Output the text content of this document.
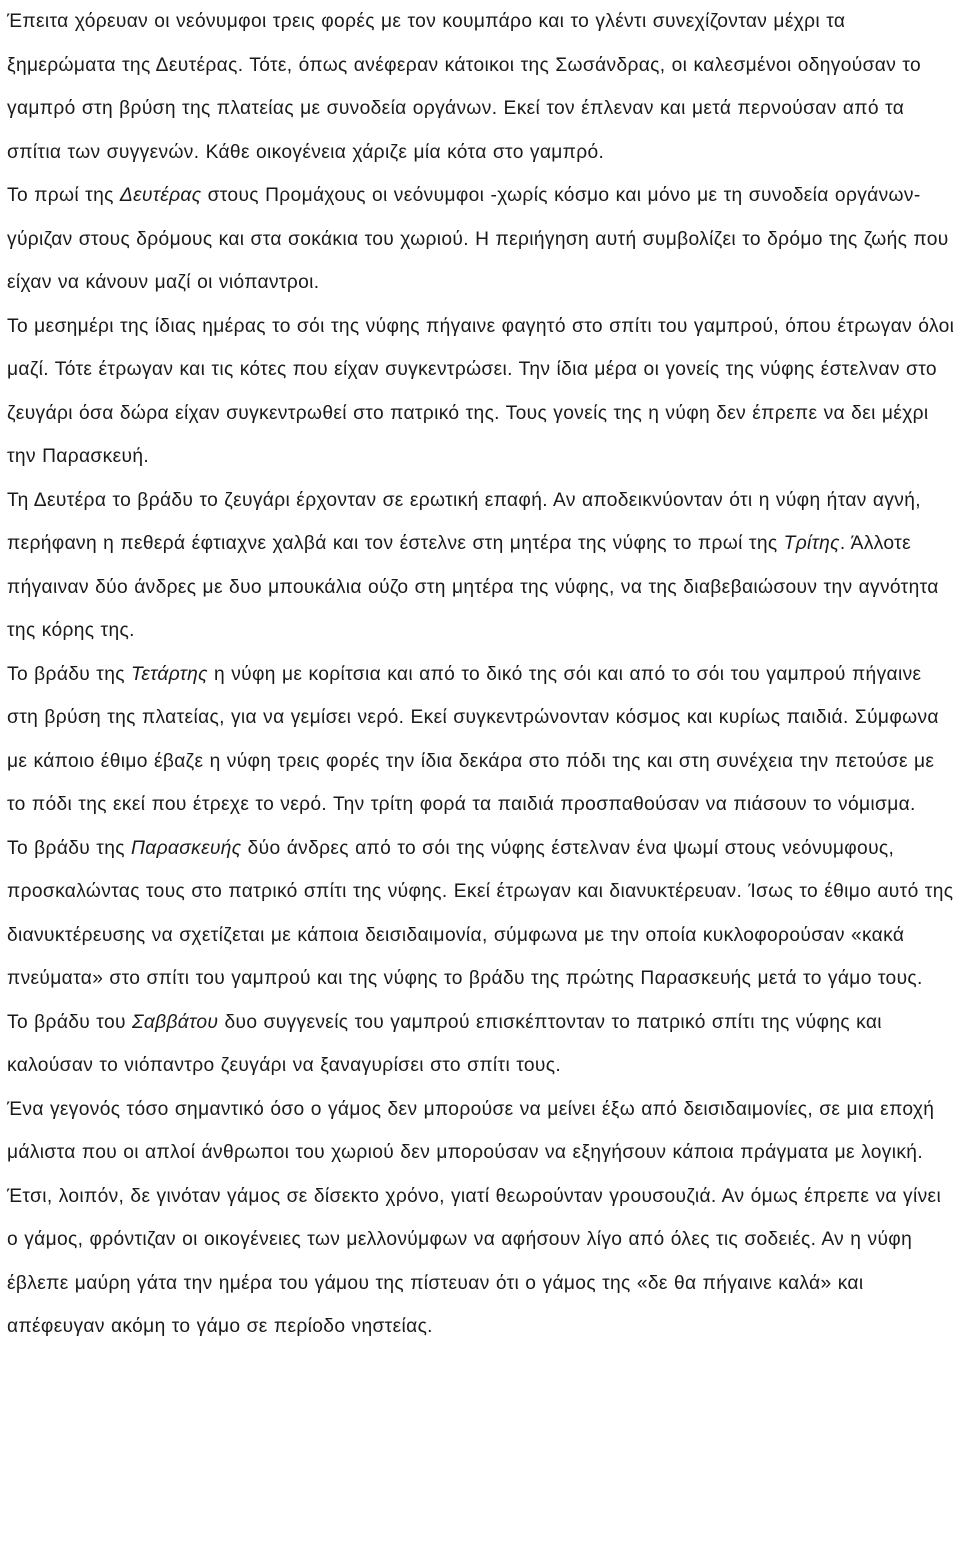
Έπειτα χόρευαν οι νεόνυμφοι τρεις φορές με τον κουμπάρο και το γλέντι συνεχίζονταν μέχρι τα ξημερώματα της Δευτέρας. Τότε, όπως ανέφεραν κάτοικοι της Σωσάνδρας, οι καλεσμένοι οδηγούσαν το γαμπρό στη βρύση της πλατείας με συνοδεία οργάνων. Εκεί τον έπλεναν και μετά περνούσαν από τα σπίτια των συγγενών. Κάθε οικογένεια χάριζε μία κότα στο γαμπρό.

Το πρωί της Δευτέρας στους Προμάχους οι νεόνυμφοι -χωρίς κόσμο και μόνο με τη συνοδεία οργάνων- γύριζαν στους δρόμους και στα σοκάκια του χωριού. Η περιήγηση αυτή συμβολίζει το δρόμο της ζωής που είχαν να κάνουν μαζί οι νιόπαντροι.

Το μεσημέρι της ίδιας ημέρας το σόι της νύφης πήγαινε φαγητό στο σπίτι του γαμπρού, όπου έτρωγαν όλοι μαζί. Τότε έτρωγαν και τις κότες που είχαν συγκεντρώσει. Την ίδια μέρα οι γονείς της νύφης έστελναν στο ζευγάρι όσα δώρα είχαν συγκεντρωθεί στο πατρικό της. Τους γονείς της η νύφη δεν έπρεπε να δει μέχρι την Παρασκευή.

Τη Δευτέρα το βράδυ το ζευγάρι έρχονταν σε ερωτική επαφή. Αν αποδεικνύονταν ότι η νύφη ήταν αγνή, περήφανη η πεθερά έφτιαχνε χαλβά και τον έστελνε στη μητέρα της νύφης το πρωί της Τρίτης. Άλλοτε πήγαιναν δύο άνδρες με δυο μπουκάλια ούζο στη μητέρα της νύφης, να της διαβεβαιώσουν την αγνότητα της κόρης της.

Το βράδυ της Τετάρτης η νύφη με κορίτσια και από το δικό της σόι και από το σόι του γαμπρού πήγαινε στη βρύση της πλατείας, για να γεμίσει νερό. Εκεί συγκεντρώνονταν κόσμος και κυρίως παιδιά. Σύμφωνα με κάποιο έθιμο έβαζε η νύφη τρεις φορές την ίδια δεκάρα στο πόδι της και στη συνέχεια την πετούσε με το πόδι της εκεί που έτρεχε το νερό. Την τρίτη φορά τα παιδιά προσπαθούσαν να πιάσουν το νόμισμα.

Το βράδυ της Παρασκευής δύο άνδρες από το σόι της νύφης έστελναν ένα ψωμί στους νεόνυμφους, προσκαλώντας τους στο πατρικό σπίτι της νύφης. Εκεί έτρωγαν και διανυκτέρευαν. Ίσως το έθιμο αυτό της διανυκτέρευσης να σχετίζεται με κάποια δεισιδαιμονία, σύμφωνα με την οποία κυκλοφορούσαν «κακά πνεύματα» στο σπίτι του γαμπρού και της νύφης το βράδυ της πρώτης Παρασκευής μετά το γάμο τους.

Το βράδυ του Σαββάτου δυο συγγενείς του γαμπρού επισκέπτονταν το πατρικό σπίτι της νύφης και καλούσαν το νιόπαντρο ζευγάρι να ξαναγυρίσει στο σπίτι τους.

Ένα γεγονός τόσο σημαντικό όσο ο γάμος δεν μπορούσε να μείνει έξω από δεισιδαιμονίες, σε μια εποχή μάλιστα που οι απλοί άνθρωποι του χωριού δεν μπορούσαν να εξηγήσουν κάποια πράγματα με λογική. Έτσι, λοιπόν, δε γινόταν γάμος σε δίσεκτο χρόνο, γιατί θεωρούνταν γρουσουζιά. Αν όμως έπρεπε να γίνει ο γάμος, φρόντιζαν οι οικογένειες των μελλονύμφων να αφήσουν λίγο από όλες τις σοδειές. Αν η νύφη έβλεπε μαύρη γάτα την ημέρα του γάμου της πίστευαν ότι ο γάμος της «δε θα πήγαινε καλά» και απέφευγαν ακόμη το γάμο σε περίοδο νηστείας.
